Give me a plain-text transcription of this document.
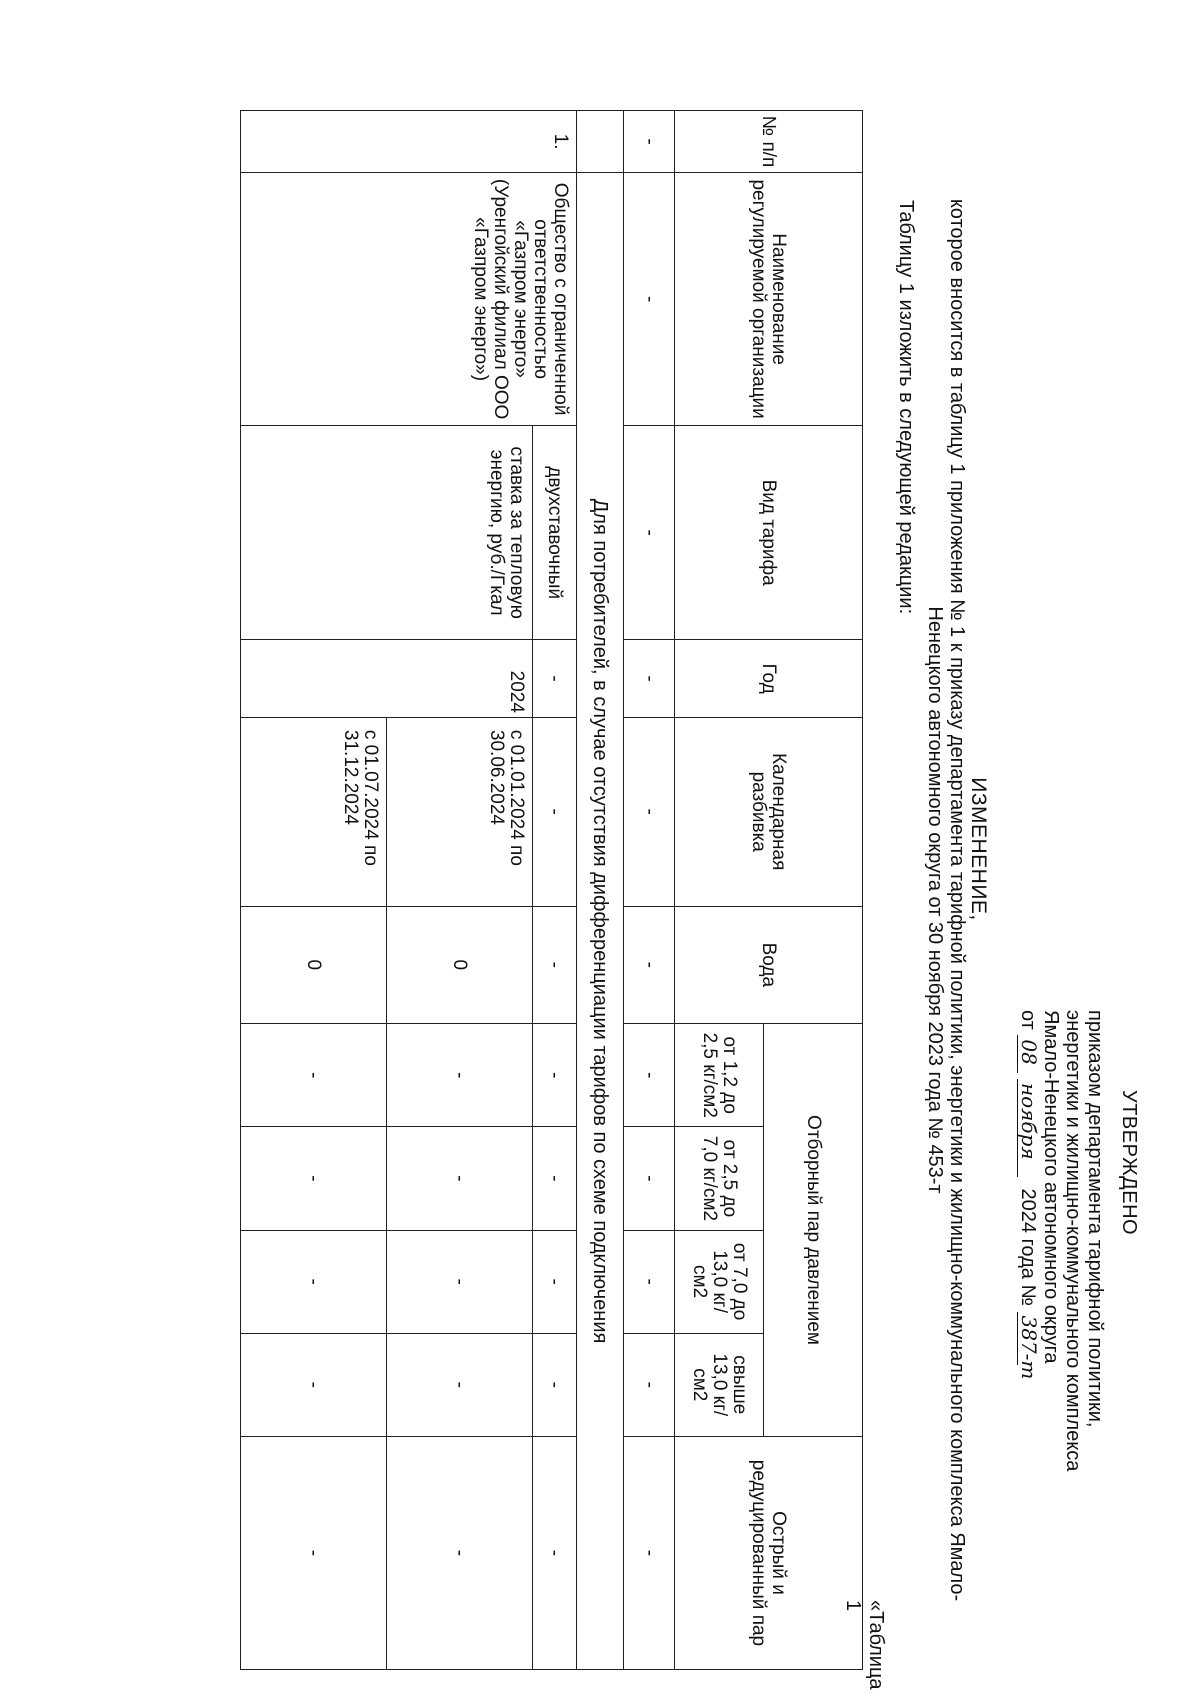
УТВЕРЖДЕНО
приказом департамента тарифной политики,
энергетики и жилищно-коммунального комплекса
Ямало-Ненецкого автономного округа
от 08 ноября 2024 года № 387-т
ИЗМЕНЕНИЕ,
которое вносится в таблицу 1 приложения № 1 к приказу департамента тарифной политики, энергетики и жилищно-коммунального комплекса Ямало-Ненецкого автономного округа от 30 ноября 2023 года № 453-т
Таблицу 1 изложить в следующей редакции:
«Таблица 1
№ п/п	Наименование регулируемой организации	Вид тарифа	Год	Календарная разбивка	Вода	Отборный пар давлением				Острый и редуцированный пар
						от 1,2 до 2,5 кг/см2	от 2,5 до 7,0 кг/см2	от 7,0 до 13,0 кг/см2	свыше 13,0 кг/см2	
-	-	-	-	-	-	-	-	-	-	-
	Для потребителей, в случае отсутствия дифференциации тарифов по схеме подключения									
1.	Общество с ограниченной ответственностью «Газпром энерго» (Уренгойский филиал ООО «Газпром энерго»)	двухставочный	-	-	-	-	-	-	-	-
		ставка за тепловую энергию, руб./Гкал	2024	с 01.01.2024 по 30.06.2024	0	-	-	-	-	-
				с 01.07.2024 по 31.12.2024	0	-	-	-	-	-
